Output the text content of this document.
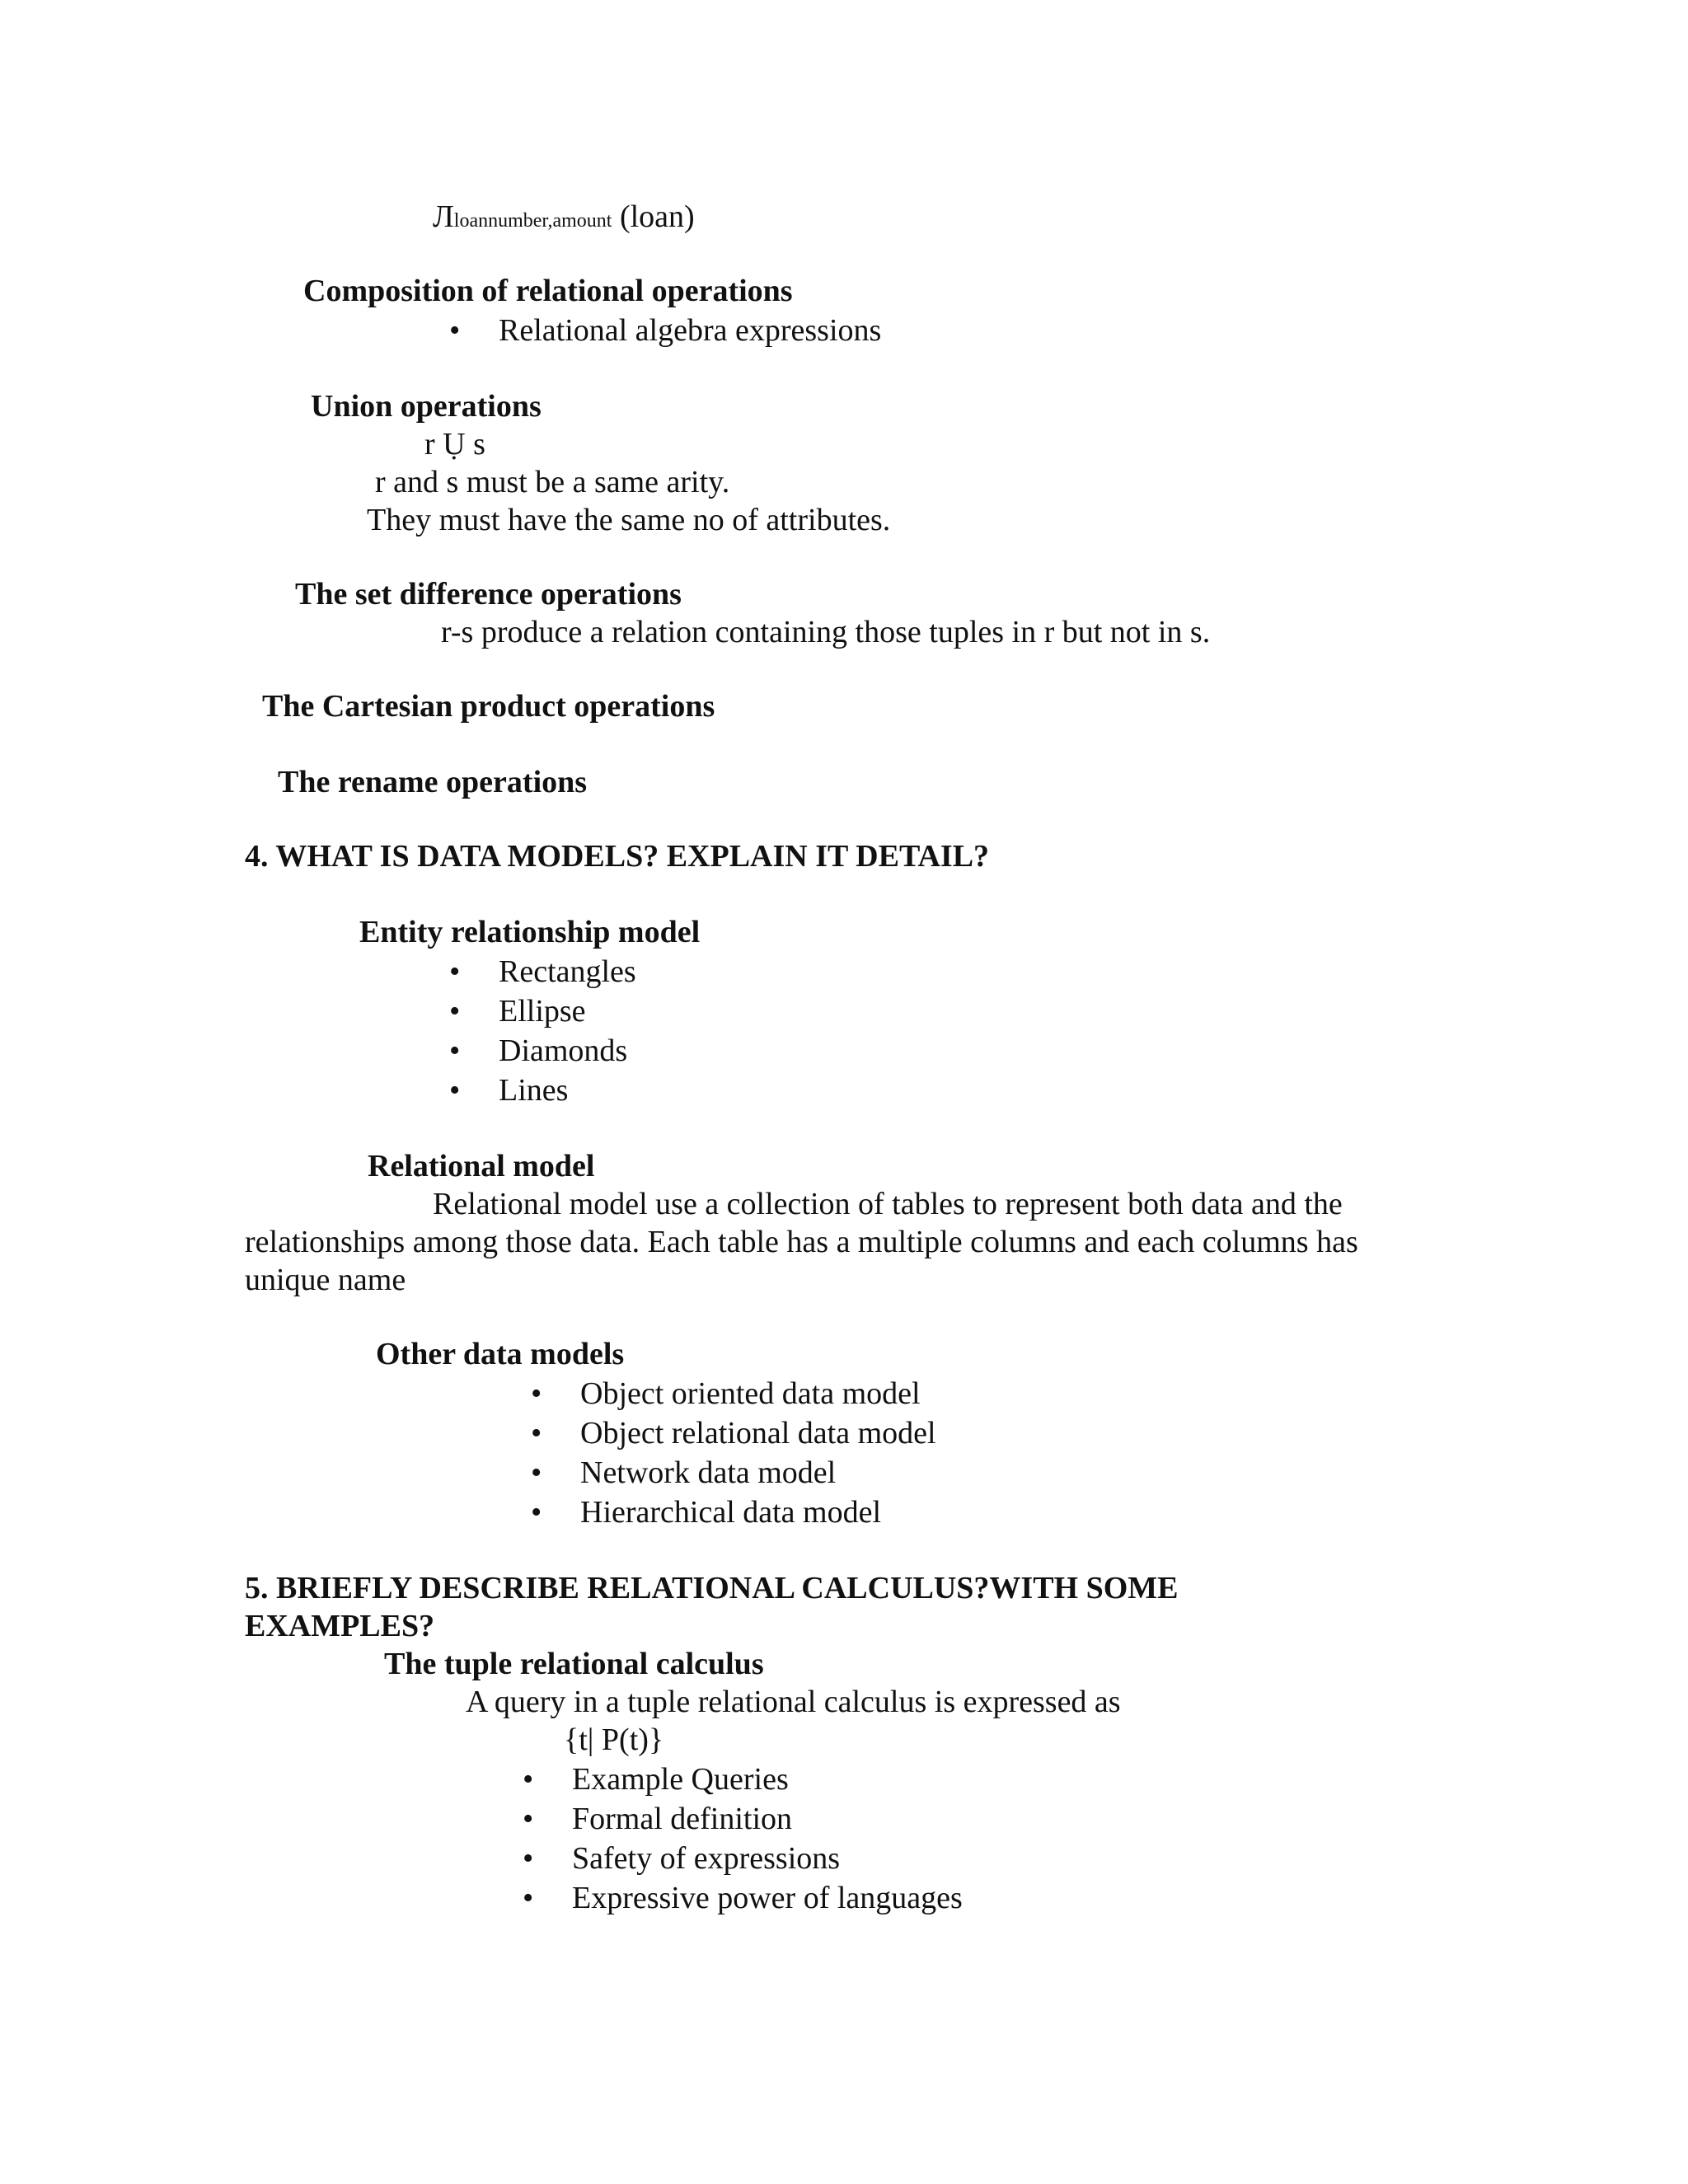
Лloannumber,amount (loan)
Composition of relational operations
• Relational algebra expressions
Union operations
r Ụ s
r and s must be a same arity.
They must have the same no of attributes.
The set difference operations
r-s produce a relation containing those tuples in r but not in s.
The Cartesian product operations
The rename operations
4. WHAT IS DATA MODELS? EXPLAIN IT DETAIL?
Entity relationship model
• Rectangles
• Ellipse
• Diamonds
• Lines
Relational model
Relational model use a collection of tables to represent both data and the
relationships among those data. Each table has a multiple columns and each columns has
unique name
Other data models
• Object oriented data model
• Object relational data model
• Network data model
• Hierarchical data model
5. BRIEFLY DESCRIBE RELATIONAL CALCULUS?WITH SOME
EXAMPLES?
The tuple relational calculus
A query in a tuple relational calculus is expressed as
{t| P(t)}
• Example Queries
• Formal definition
• Safety of expressions
• Expressive power of languages
